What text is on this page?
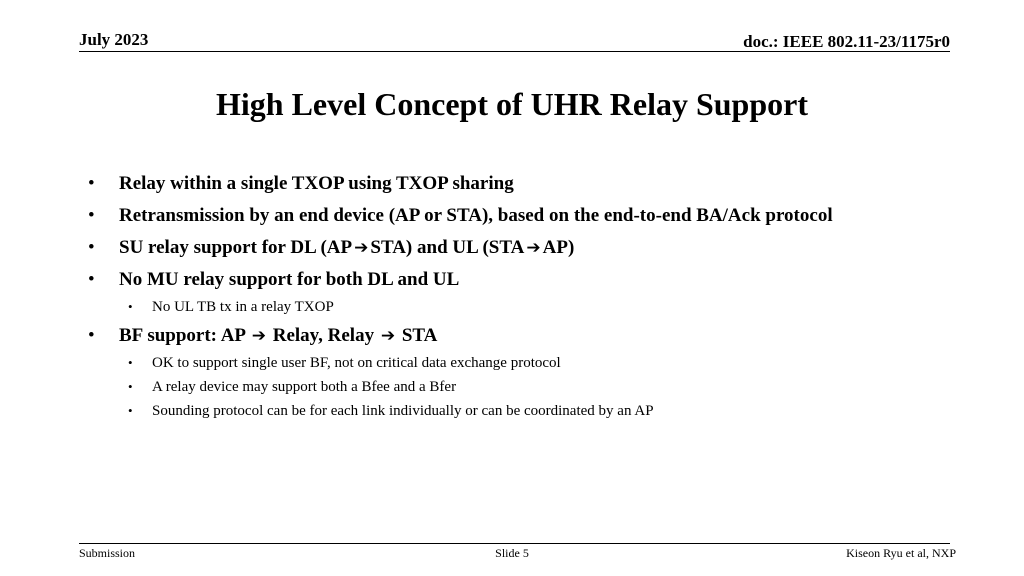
July 2023	doc.: IEEE 802.11-23/1175r0
High Level Concept of UHR Relay Support
• Relay within a single TXOP using TXOP sharing
• Retransmission by an end device (AP or STA), based on the end-to-end BA/Ack protocol
• SU relay support for DL (AP ➔ STA) and UL (STA ➔ AP)
• No MU relay support for both DL and UL
• No UL TB tx in a relay TXOP
• BF support: AP ➔ Relay, Relay ➔ STA
• OK to support single user BF, not on critical data exchange protocol
• A relay device may support both a Bfee and a Bfer
• Sounding protocol can be for each link individually or can be coordinated by an AP
Submission	Slide 5	Kiseon Ryu et al, NXP
